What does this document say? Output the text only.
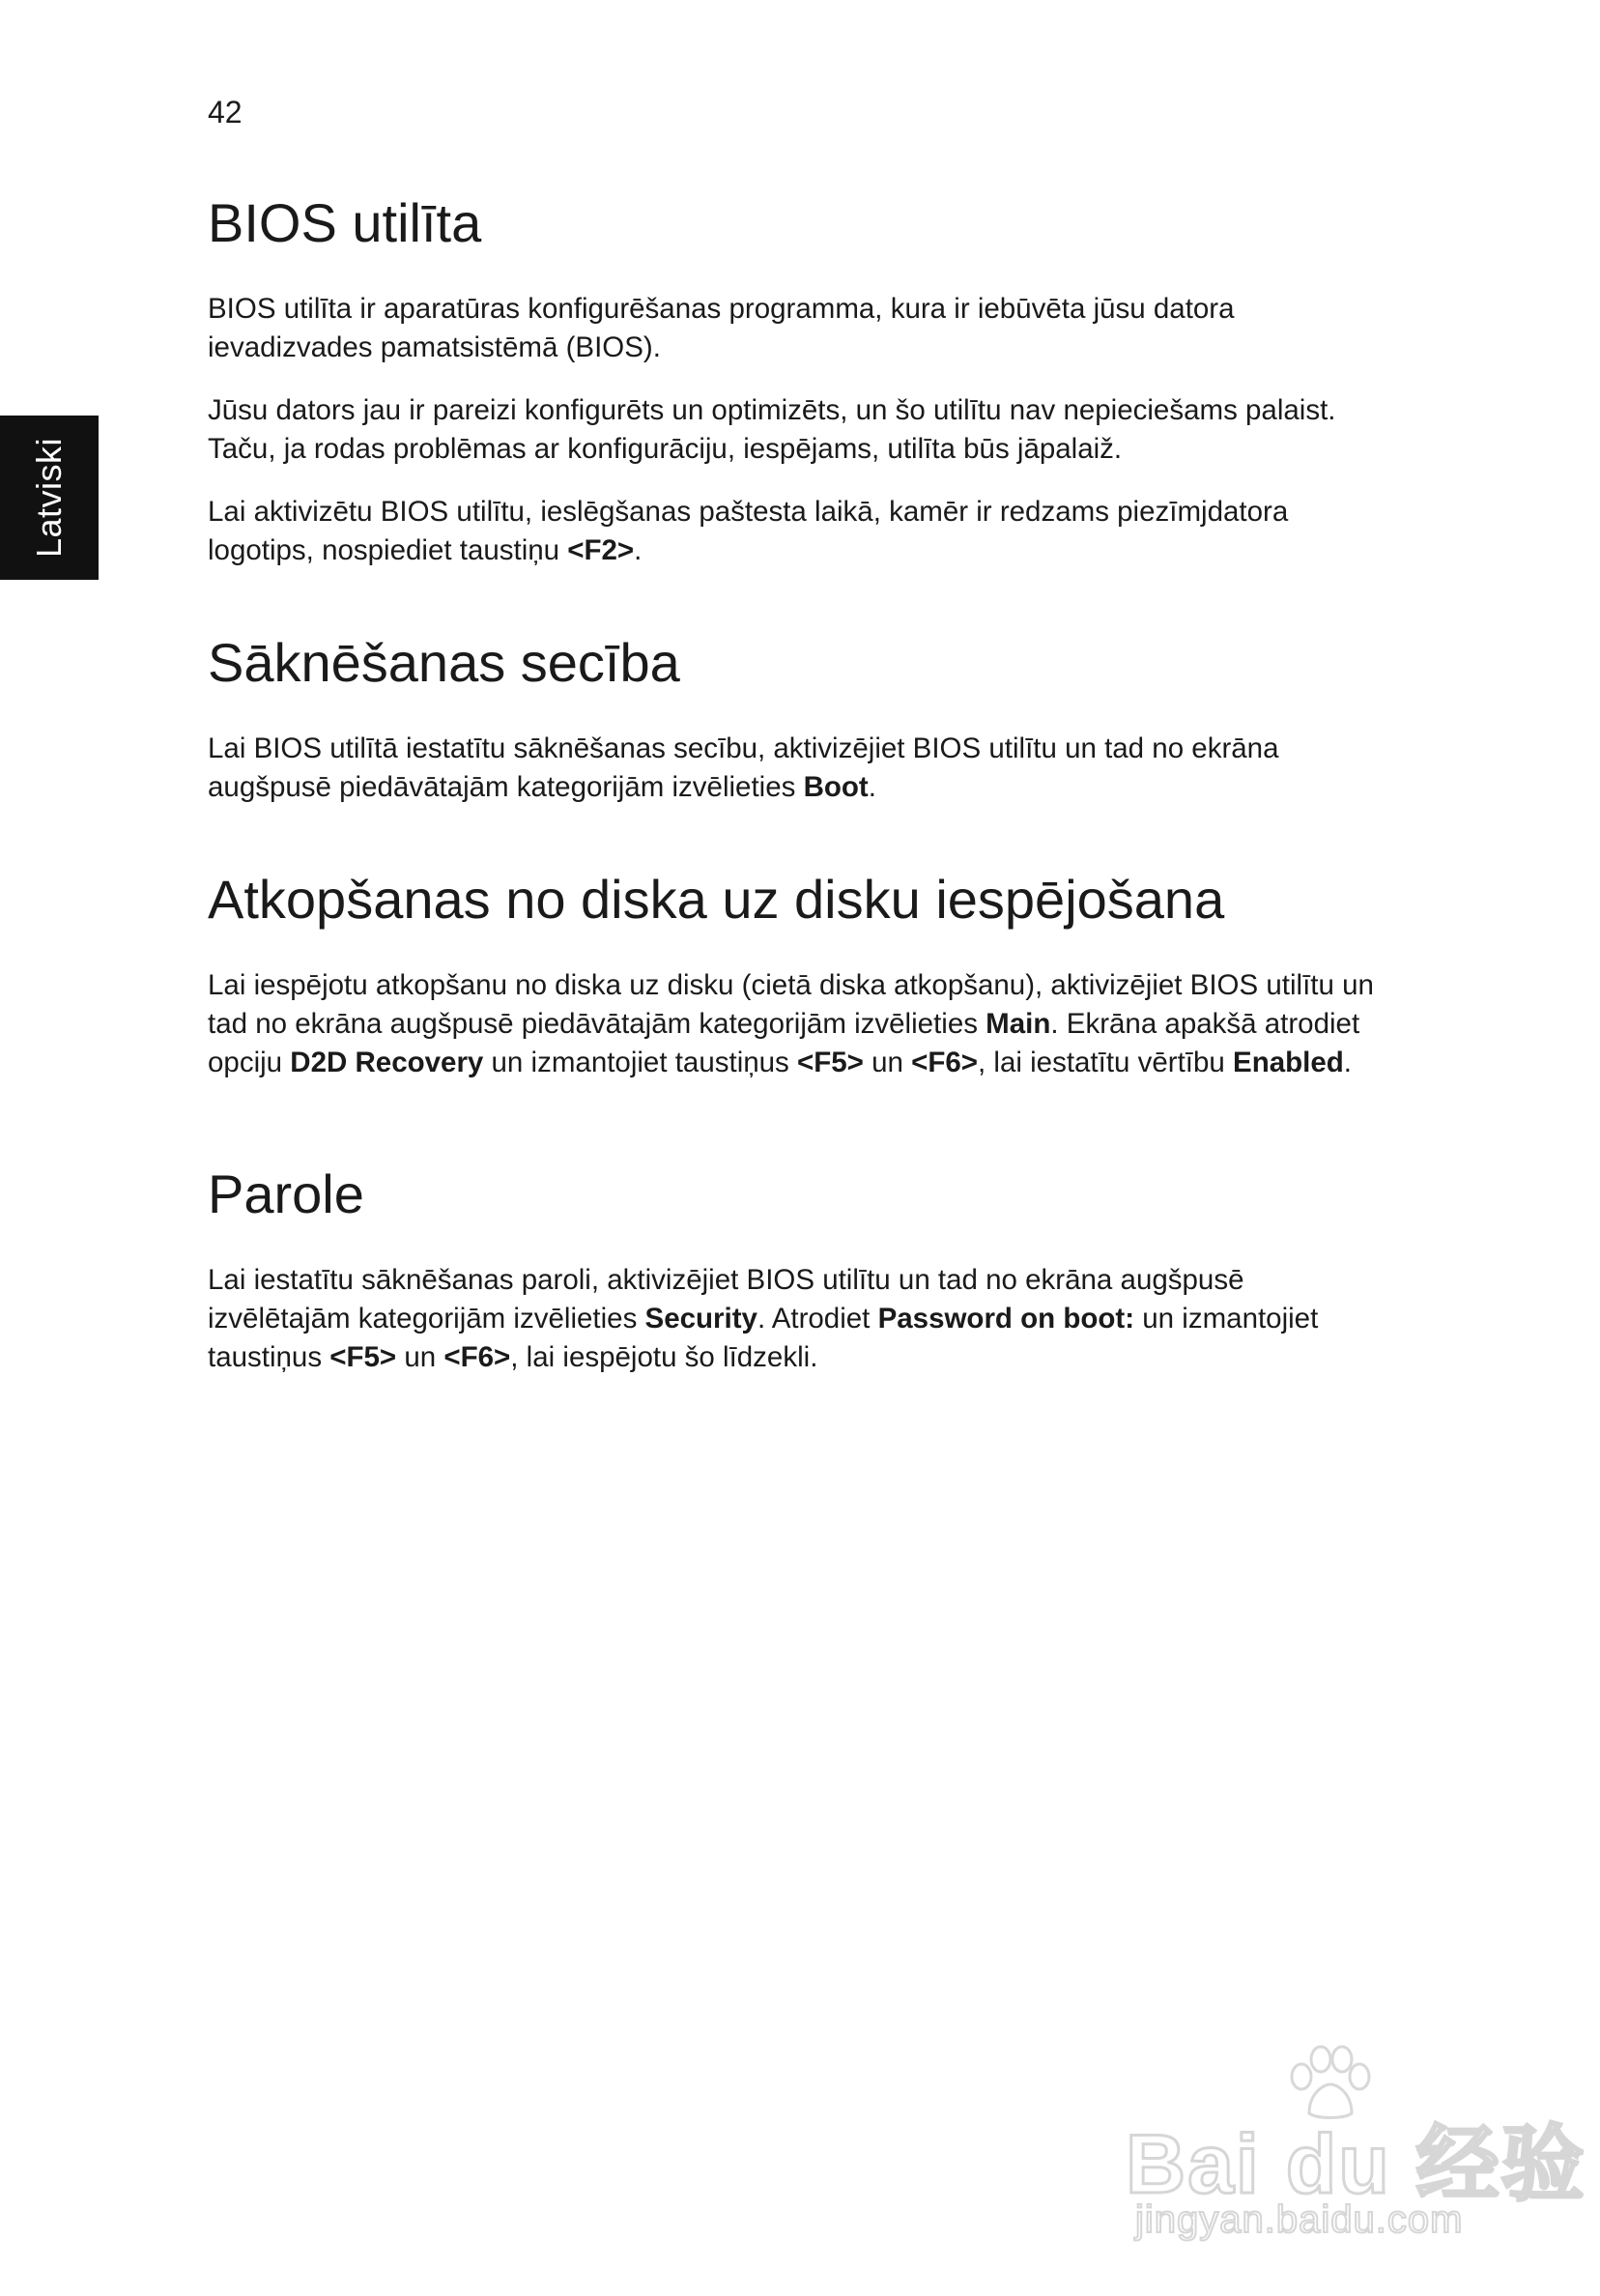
42
Latviski
BIOS utilīta

BIOS utilīta ir aparatūras konfigurēšanas programma, kura ir iebūvēta jūsu datora ievadizvades pamatsistēmā (BIOS).

Jūsu dators jau ir pareizi konfigurēts un optimizēts, un šo utilītu nav nepieciešams palaist. Taču, ja rodas problēmas ar konfigurāciju, iespējams, utilīta būs jāpalaiž.

Lai aktivizētu BIOS utilītu, ieslēgšanas paštesta laikā, kamēr ir redzams piezīmjdatora logotips, nospiediet taustiņu <F2>.

Sāknēšanas secība

Lai BIOS utilītā iestatītu sāknēšanas secību, aktivizējiet BIOS utilītu un tad no ekrāna augšpusē piedāvātajām kategorijām izvēlieties Boot.

Atkopšanas no diska uz disku iespējošana

Lai iespējotu atkopšanu no diska uz disku (cietā diska atkopšanu), aktivizējiet BIOS utilītu un tad no ekrāna augšpusē piedāvātajām kategorijām izvēlieties Main. Ekrāna apakšā atrodiet opciju D2D Recovery un izmantojiet taustiņus <F5> un <F6>, lai iestatītu vērtību Enabled.

Parole

Lai iestatītu sāknēšanas paroli, aktivizējiet BIOS utilītu un tad no ekrāna augšpusē izvēlētajām kategorijām izvēlieties Security. Atrodiet Password on boot: un izmantojiet taustiņus <F5> un <F6>, lai iespējotu šo līdzekli.

Bai du 经验
jingyan.baidu.com
